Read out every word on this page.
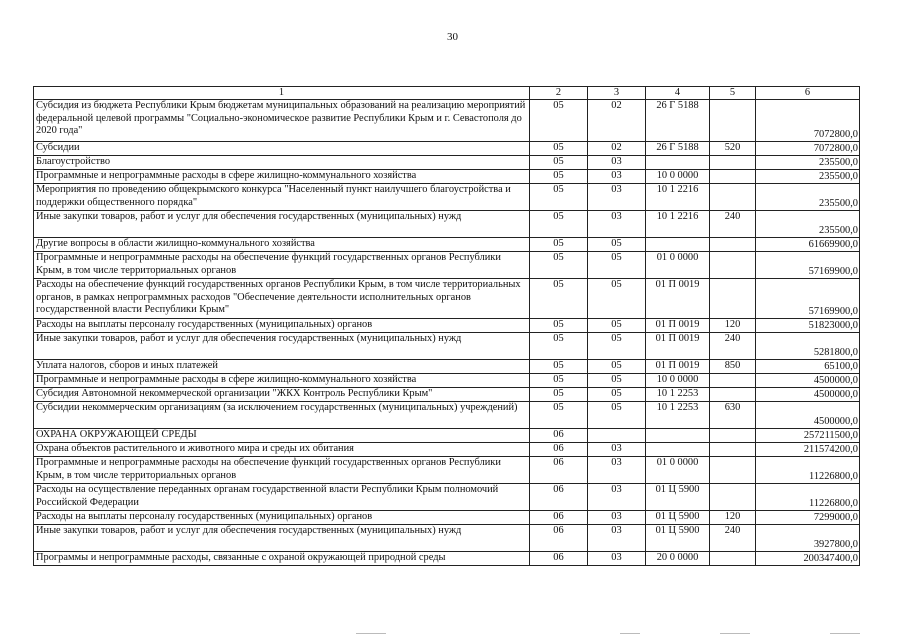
30
1	2	3	4	5	6
Субсидия из бюджета Республики Крым бюджетам муниципальных образований на реализацию мероприятий федеральной целевой программы "Социально-экономическое развитие Республики Крым и г. Севастополя до 2020 года"	05	02	26 Г 5188		7072800,0
Субсидии	05	02	26 Г 5188	520	7072800,0
Благоустройство	05	03			235500,0
Программные и непрограммные расходы в сфере жилищно-коммунального хозяйства	05	03	10 0 0000		235500,0
Мероприятия по проведению общекрымского конкурса "Населенный пункт наилучшего благоустройства и поддержки общественного порядка"	05	03	10 1 2216		235500,0
Иные закупки товаров, работ и услуг для обеспечения государственных (муниципальных) нужд	05	03	10 1 2216	240	235500,0
Другие вопросы в области жилищно-коммунального хозяйства	05	05			61669900,0
Программные и непрограммные расходы на обеспечение функций государственных органов Республики Крым, в том числе территориальных органов	05	05	01 0 0000		57169900,0
Расходы на обеспечение функций государственных органов Республики Крым, в том числе территориальных органов, в рамках непрограммных расходов "Обеспечение деятельности исполнительных органов государственной власти Республики Крым"	05	05	01 П 0019		57169900,0
Расходы на выплаты персоналу государственных (муниципальных) органов	05	05	01 П 0019	120	51823000,0
Иные закупки товаров, работ и услуг для обеспечения государственных (муниципальных) нужд	05	05	01 П 0019	240	5281800,0
Уплата налогов, сборов и иных платежей	05	05	01 П 0019	850	65100,0
Программные и непрограммные расходы в сфере жилищно-коммунального хозяйства	05	05	10 0 0000		4500000,0
Субсидия Автономной некоммерческой организации "ЖКХ Контроль Республики Крым"	05	05	10 1 2253		4500000,0
Субсидии некоммерческим организациям (за исключением государственных (муниципальных) учреждений)	05	05	10 1 2253	630	4500000,0
ОХРАНА ОКРУЖАЮЩЕЙ СРЕДЫ	06				257211500,0
Охрана объектов растительного и животного мира и среды их обитания	06	03			211574200,0
Программные и непрограммные расходы на обеспечение функций государственных органов Республики Крым, в том числе территориальных органов	06	03	01 0 0000		11226800,0
Расходы на осуществление переданных органам государственной власти Республики Крым полномочий Российской Федерации	06	03	01 Ц 5900		11226800,0
Расходы на выплаты персоналу государственных (муниципальных) органов	06	03	01 Ц 5900	120	7299000,0
Иные закупки товаров, работ и услуг для обеспечения государственных (муниципальных) нужд	06	03	01 Ц 5900	240	3927800,0
Программы и непрограммные расходы, связанные с охраной окружающей природной среды	06	03	20 0 0000		200347400,0
